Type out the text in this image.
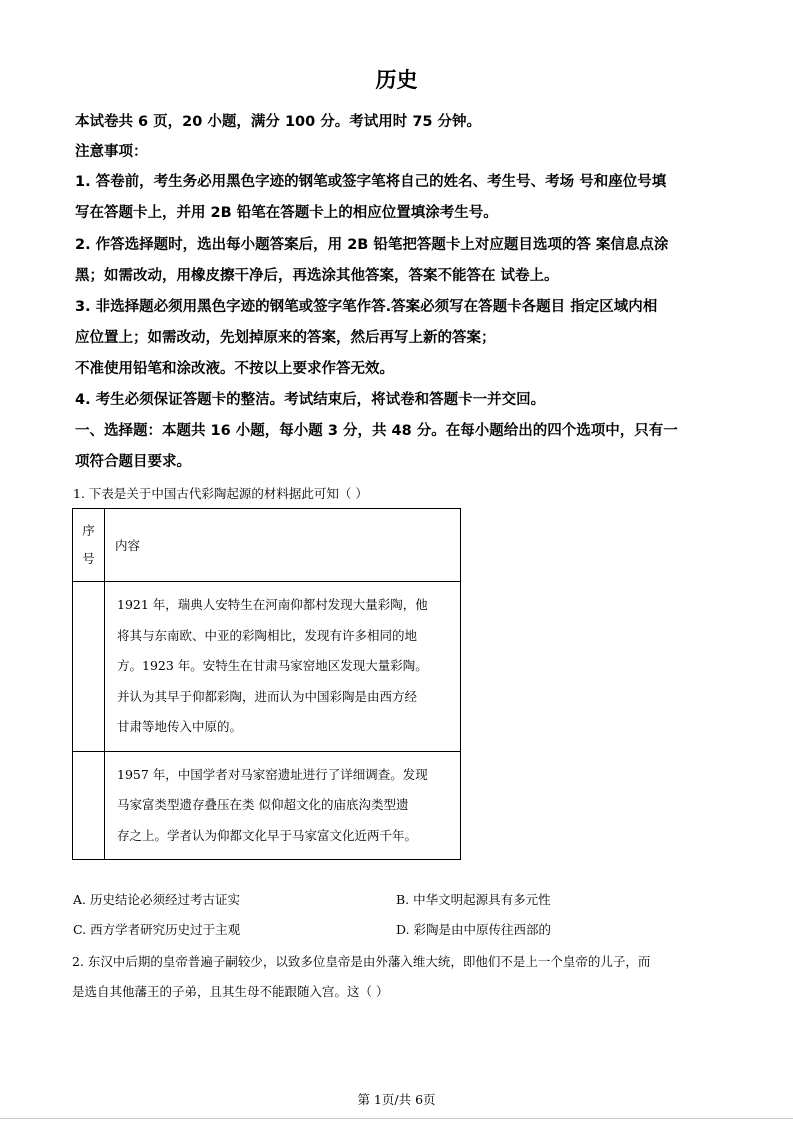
历史
本试卷共 6 页，20 小题，满分 100 分。考试用时 75 分钟。
注意事项：
1. 答卷前，考生务必用黑色字迹的钢笔或签字笔将自己的姓名、考生号、考场 号和座位号填
写在答题卡上，并用 2B 铅笔在答题卡上的相应位置填涂考生号。
2. 作答选择题时，选出每小题答案后，用 2B 铅笔把答题卡上对应题目选项的答 案信息点涂
黑；如需改动，用橡皮擦干净后，再选涂其他答案，答案不能答在 试卷上。
3. 非选择题必须用黑色字迹的钢笔或签字笔作答.答案必须写在答题卡各题目 指定区域内相
应位置上；如需改动，先划掉原来的答案，然后再写上新的答案；
不准使用铅笔和涂改液。不按以上要求作答无效。
4. 考生必须保证答题卡的整洁。考试结束后，将试卷和答题卡一并交回。
一、选择题：本题共 16 小题，每小题 3 分，共 48 分。在每小题给出的四个选项中，只有一
项符合题目要求。
1. 下表是关于中国古代彩陶起源的材料据此可知（ ）
序
号	内容

	1921 年，瑞典人安特生在河南仰都村发现大量彩陶，他
将其与东南欧、中亚的彩陶相比，发现有许多相同的地
方。1923 年。安特生在甘肃马家窑地区发现大量彩陶。
并认为其早于仰都彩陶，进而认为中国彩陶是由西方经
甘肃等地传入中原的。

	1957 年，中国学者对马家窑遗址进行了详细调查。发现
马家富类型遗存叠压在类 似仰超文化的庙底沟类型遗
存之上。学者认为仰都文化早于马家富文化近两千年。
A. 历史结论必须经过考古证实	B. 中华文明起源具有多元性
C. 西方学者研究历史过于主观	D. 彩陶是由中原传往西部的
2. 东汉中后期的皇帝普遍子嗣较少，以致多位皇帝是由外藩入维大统，即他们不是上一个皇帝的儿子，而
是选自其他藩王的子弟，且其生母不能跟随入宫。这（ ）
第 1页/共 6页
